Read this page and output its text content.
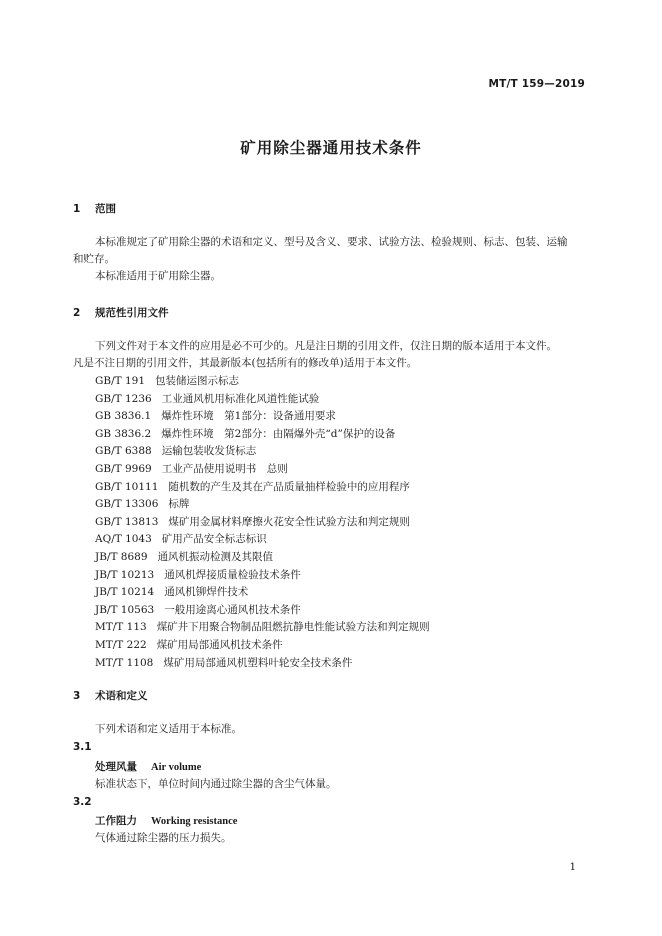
MT/T 159—2019
矿用除尘器通用技术条件
1 范围
本标准规定了矿用除尘器的术语和定义、型号及含义、要求、试验方法、检验规则、标志、包装、运输
和贮存。
本标准适用于矿用除尘器。
2 规范性引用文件
下列文件对于本文件的应用是必不可少的。凡是注日期的引用文件，仅注日期的版本适用于本文件。
凡是不注日期的引用文件，其最新版本(包括所有的修改单)适用于本文件。
GB/T 191 包装储运图示标志
GB/T 1236 工业通风机用标准化风道性能试验
GB 3836.1 爆炸性环境　第1部分：设备通用要求
GB 3836.2 爆炸性环境　第2部分：由隔爆外壳“d”保护的设备
GB/T 6388 运输包装收发货标志
GB/T 9969 工业产品使用说明书　总则
GB/T 10111 随机数的产生及其在产品质量抽样检验中的应用程序
GB/T 13306 标牌
GB/T 13813 煤矿用金属材料摩擦火花安全性试验方法和判定规则
AQ/T 1043 矿用产品安全标志标识
JB/T 8689 通风机振动检测及其限值
JB/T 10213 通风机焊接质量检验技术条件
JB/T 10214 通风机铆焊件技术
JB/T 10563 一般用途离心通风机技术条件
MT/T 113 煤矿井下用聚合物制品阻燃抗静电性能试验方法和判定规则
MT/T 222 煤矿用局部通风机技术条件
MT/T 1108 煤矿用局部通风机塑料叶轮安全技术条件
3 术语和定义
下列术语和定义适用于本标准。
3.1
处理风量 Air volume
标准状态下，单位时间内通过除尘器的含尘气体量。
3.2
工作阻力 Working resistance
气体通过除尘器的压力损失。
1
